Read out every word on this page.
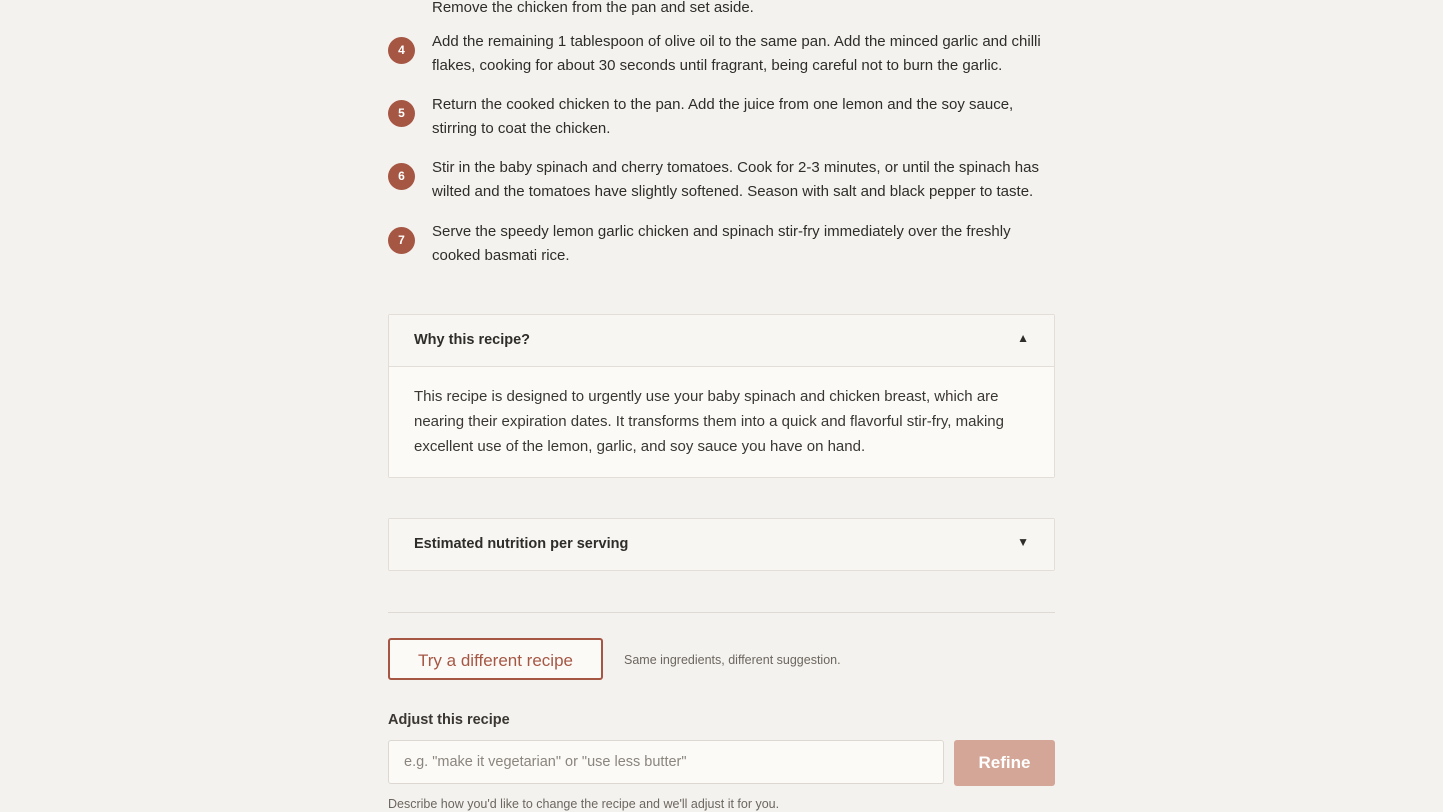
Remove the chicken from the pan and set aside.
4	Add the remaining 1 tablespoon of olive oil to the same pan. Add the minced garlic and chilli flakes, cooking for about 30 seconds until fragrant, being careful not to burn the garlic.
5	Return the cooked chicken to the pan. Add the juice from one lemon and the soy sauce, stirring to coat the chicken.
6	Stir in the baby spinach and cherry tomatoes. Cook for 2-3 minutes, or until the spinach has wilted and the tomatoes have slightly softened. Season with salt and black pepper to taste.
7	Serve the speedy lemon garlic chicken and spinach stir-fry immediately over the freshly cooked basmati rice.
Why this recipe?	▲
This recipe is designed to urgently use your baby spinach and chicken breast, which are nearing their expiration dates. It transforms them into a quick and flavorful stir-fry, making excellent use of the lemon, garlic, and soy sauce you have on hand.
Estimated nutrition per serving	▼
Try a different recipe	Same ingredients, different suggestion.
Adjust this recipe
e.g. "make it vegetarian" or "use less butter"
Refine
Describe how you'd like to change the recipe and we'll adjust it for you.
